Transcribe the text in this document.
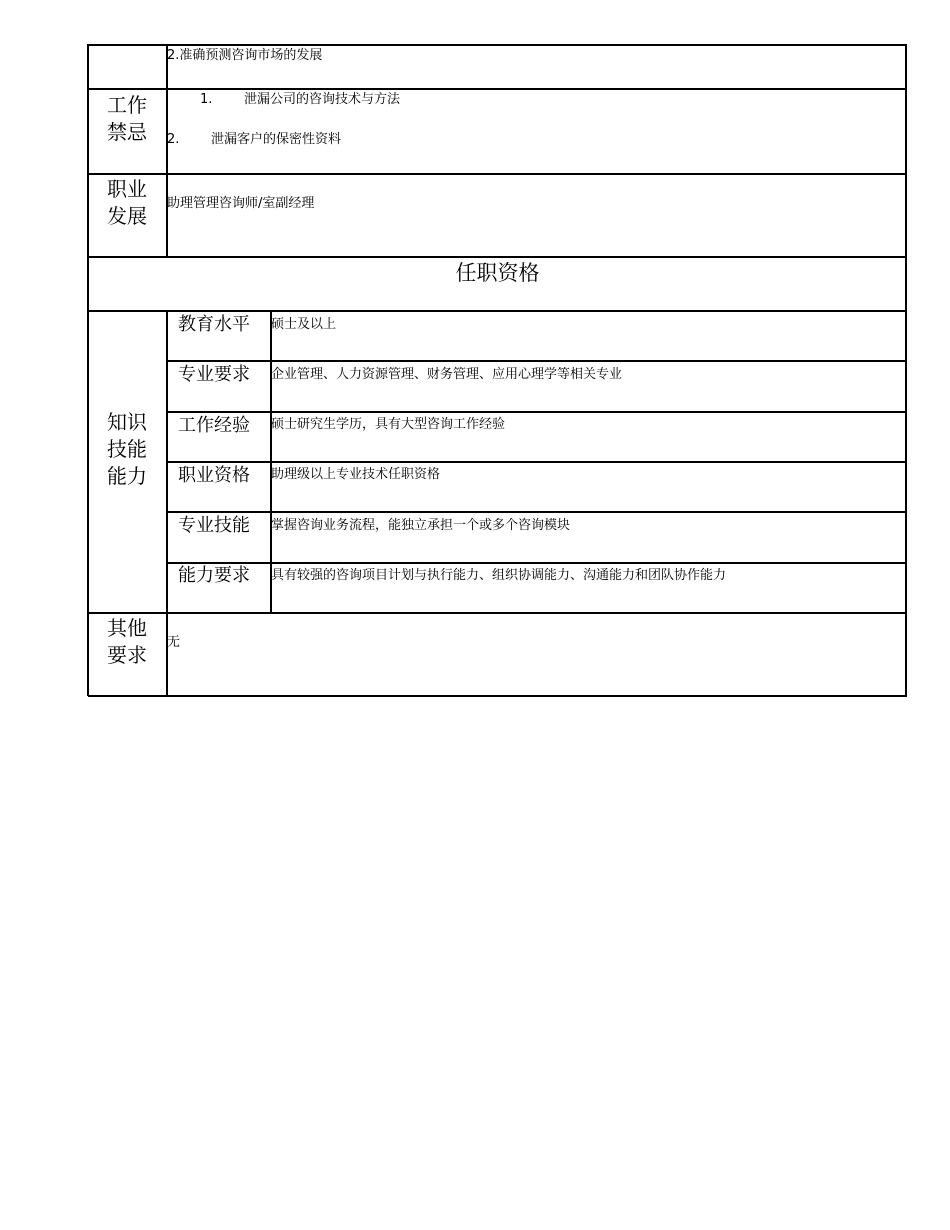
2.准确预测咨询市场的发展
工作
禁忌
1. 泄漏公司的咨询技术与方法
2. 泄漏客户的保密性资料
职业
发展
助理管理咨询师/室副经理
任职资格
知识
技能
能力
教育水平 硕士及以上
专业要求 企业管理、人力资源管理、财务管理、应用心理学等相关专业
工作经验 硕士研究生学历，具有大型咨询工作经验
职业资格 助理级以上专业技术任职资格
专业技能 掌握咨询业务流程，能独立承担一个或多个咨询模块
能力要求 具有较强的咨询项目计划与执行能力、组织协调能力、沟通能力和团队协作能力
其他
要求
无
